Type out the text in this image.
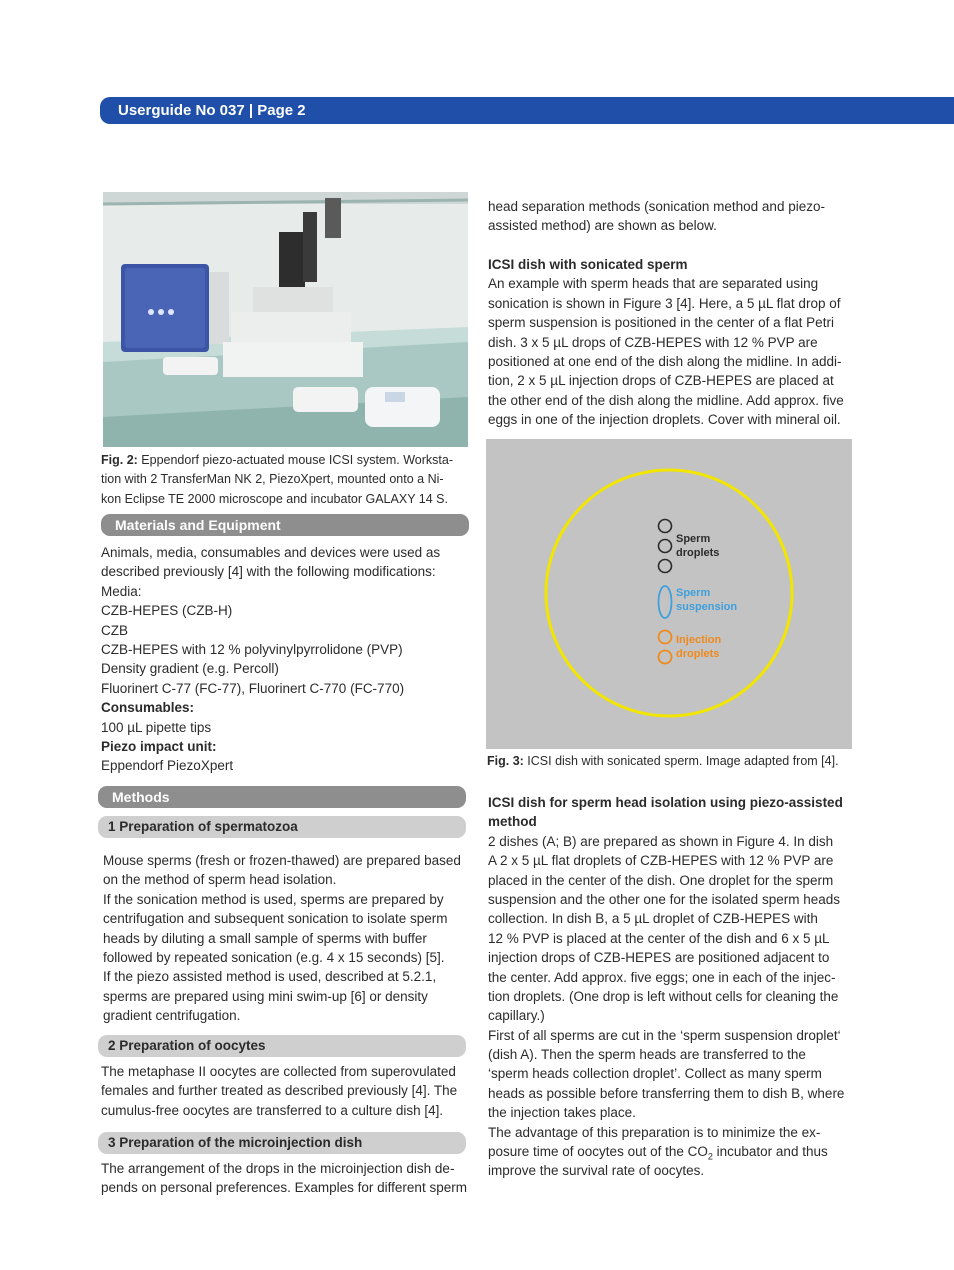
Userguide No 037 | Page 2
Fig. 2: Eppendorf piezo-actuated mouse ICSI system. Worksta-
tion with 2 TransferMan NK 2, PiezoXpert, mounted onto a Ni-
kon Eclipse TE 2000 microscope and incubator GALAXY 14 S.
Materials and Equipment
Animals, media, consumables and devices were used as
described previously [4] with the following modifications:
Media:
CZB-HEPES (CZB-H)
CZB
CZB-HEPES with 12 % polyvinylpyrrolidone (PVP)
Density gradient (e.g. Percoll)
Fluorinert C-77 (FC-77), Fluorinert C-770 (FC-770)
Consumables:
100 µL pipette tips
Piezo impact unit:
Eppendorf PiezoXpert
Methods
1 Preparation of spermatozoa
Mouse sperms (fresh or frozen-thawed) are prepared based
on the method of sperm head isolation.
If the sonication method is used, sperms are prepared by
centrifugation and subsequent sonication to isolate sperm
heads by diluting a small sample of sperms with buffer
followed by repeated sonication (e.g. 4 x 15 seconds) [5].
If the piezo assisted method is used, described at 5.2.1,
sperms are prepared using mini swim-up [6] or density
gradient centrifugation.
2 Preparation of oocytes
The metaphase II oocytes are collected from superovulated
females and further treated as described previously [4]. The
cumulus-free oocytes are transferred to a culture dish [4].
3 Preparation of the microinjection dish
The arrangement of the drops in the microinjection dish de-
pends on personal preferences. Examples for different sperm
head separation methods (sonication method and piezo-
assisted method) are shown as below.
ICSI dish with sonicated sperm
An example with sperm heads that are separated using
sonication is shown in Figure 3 [4]. Here, a 5 µL flat drop of
sperm suspension is positioned in the center of a flat Petri
dish. 3 x 5 µL drops of CZB-HEPES with 12 % PVP are
positioned at one end of the dish along the midline. In addi-
tion, 2 x 5 µL injection drops of CZB-HEPES are placed at
the other end of the dish along the midline. Add approx. five
eggs in one of the injection droplets. Cover with mineral oil.
Sperm
droplets
Sperm
suspension
Injection
droplets
Fig. 3: ICSI dish with sonicated sperm. Image adapted from [4].
ICSI dish for sperm head isolation using piezo-assisted
method
2 dishes (A; B) are prepared as shown in Figure 4. In dish
A 2 x 5 µL flat droplets of CZB-HEPES with 12 % PVP are
placed in the center of the dish. One droplet for the sperm
suspension and the other one for the isolated sperm heads
collection. In dish B, a 5 µL droplet of CZB-HEPES with
12 % PVP is placed at the center of the dish and 6 x 5 µL
injection drops of CZB-HEPES are positioned adjacent to
the center. Add approx. five eggs; one in each of the injec-
tion droplets. (One drop is left without cells for cleaning the
capillary.)
First of all sperms are cut in the ‘sperm suspension droplet‘
(dish A). Then the sperm heads are transferred to the
‘sperm heads collection droplet’. Collect as many sperm
heads as possible before transferring them to dish B, where
the injection takes place.
The advantage of this preparation is to minimize the ex-
posure time of oocytes out of the $CO_2$ incubator and thus
improve the survival rate of oocytes.
